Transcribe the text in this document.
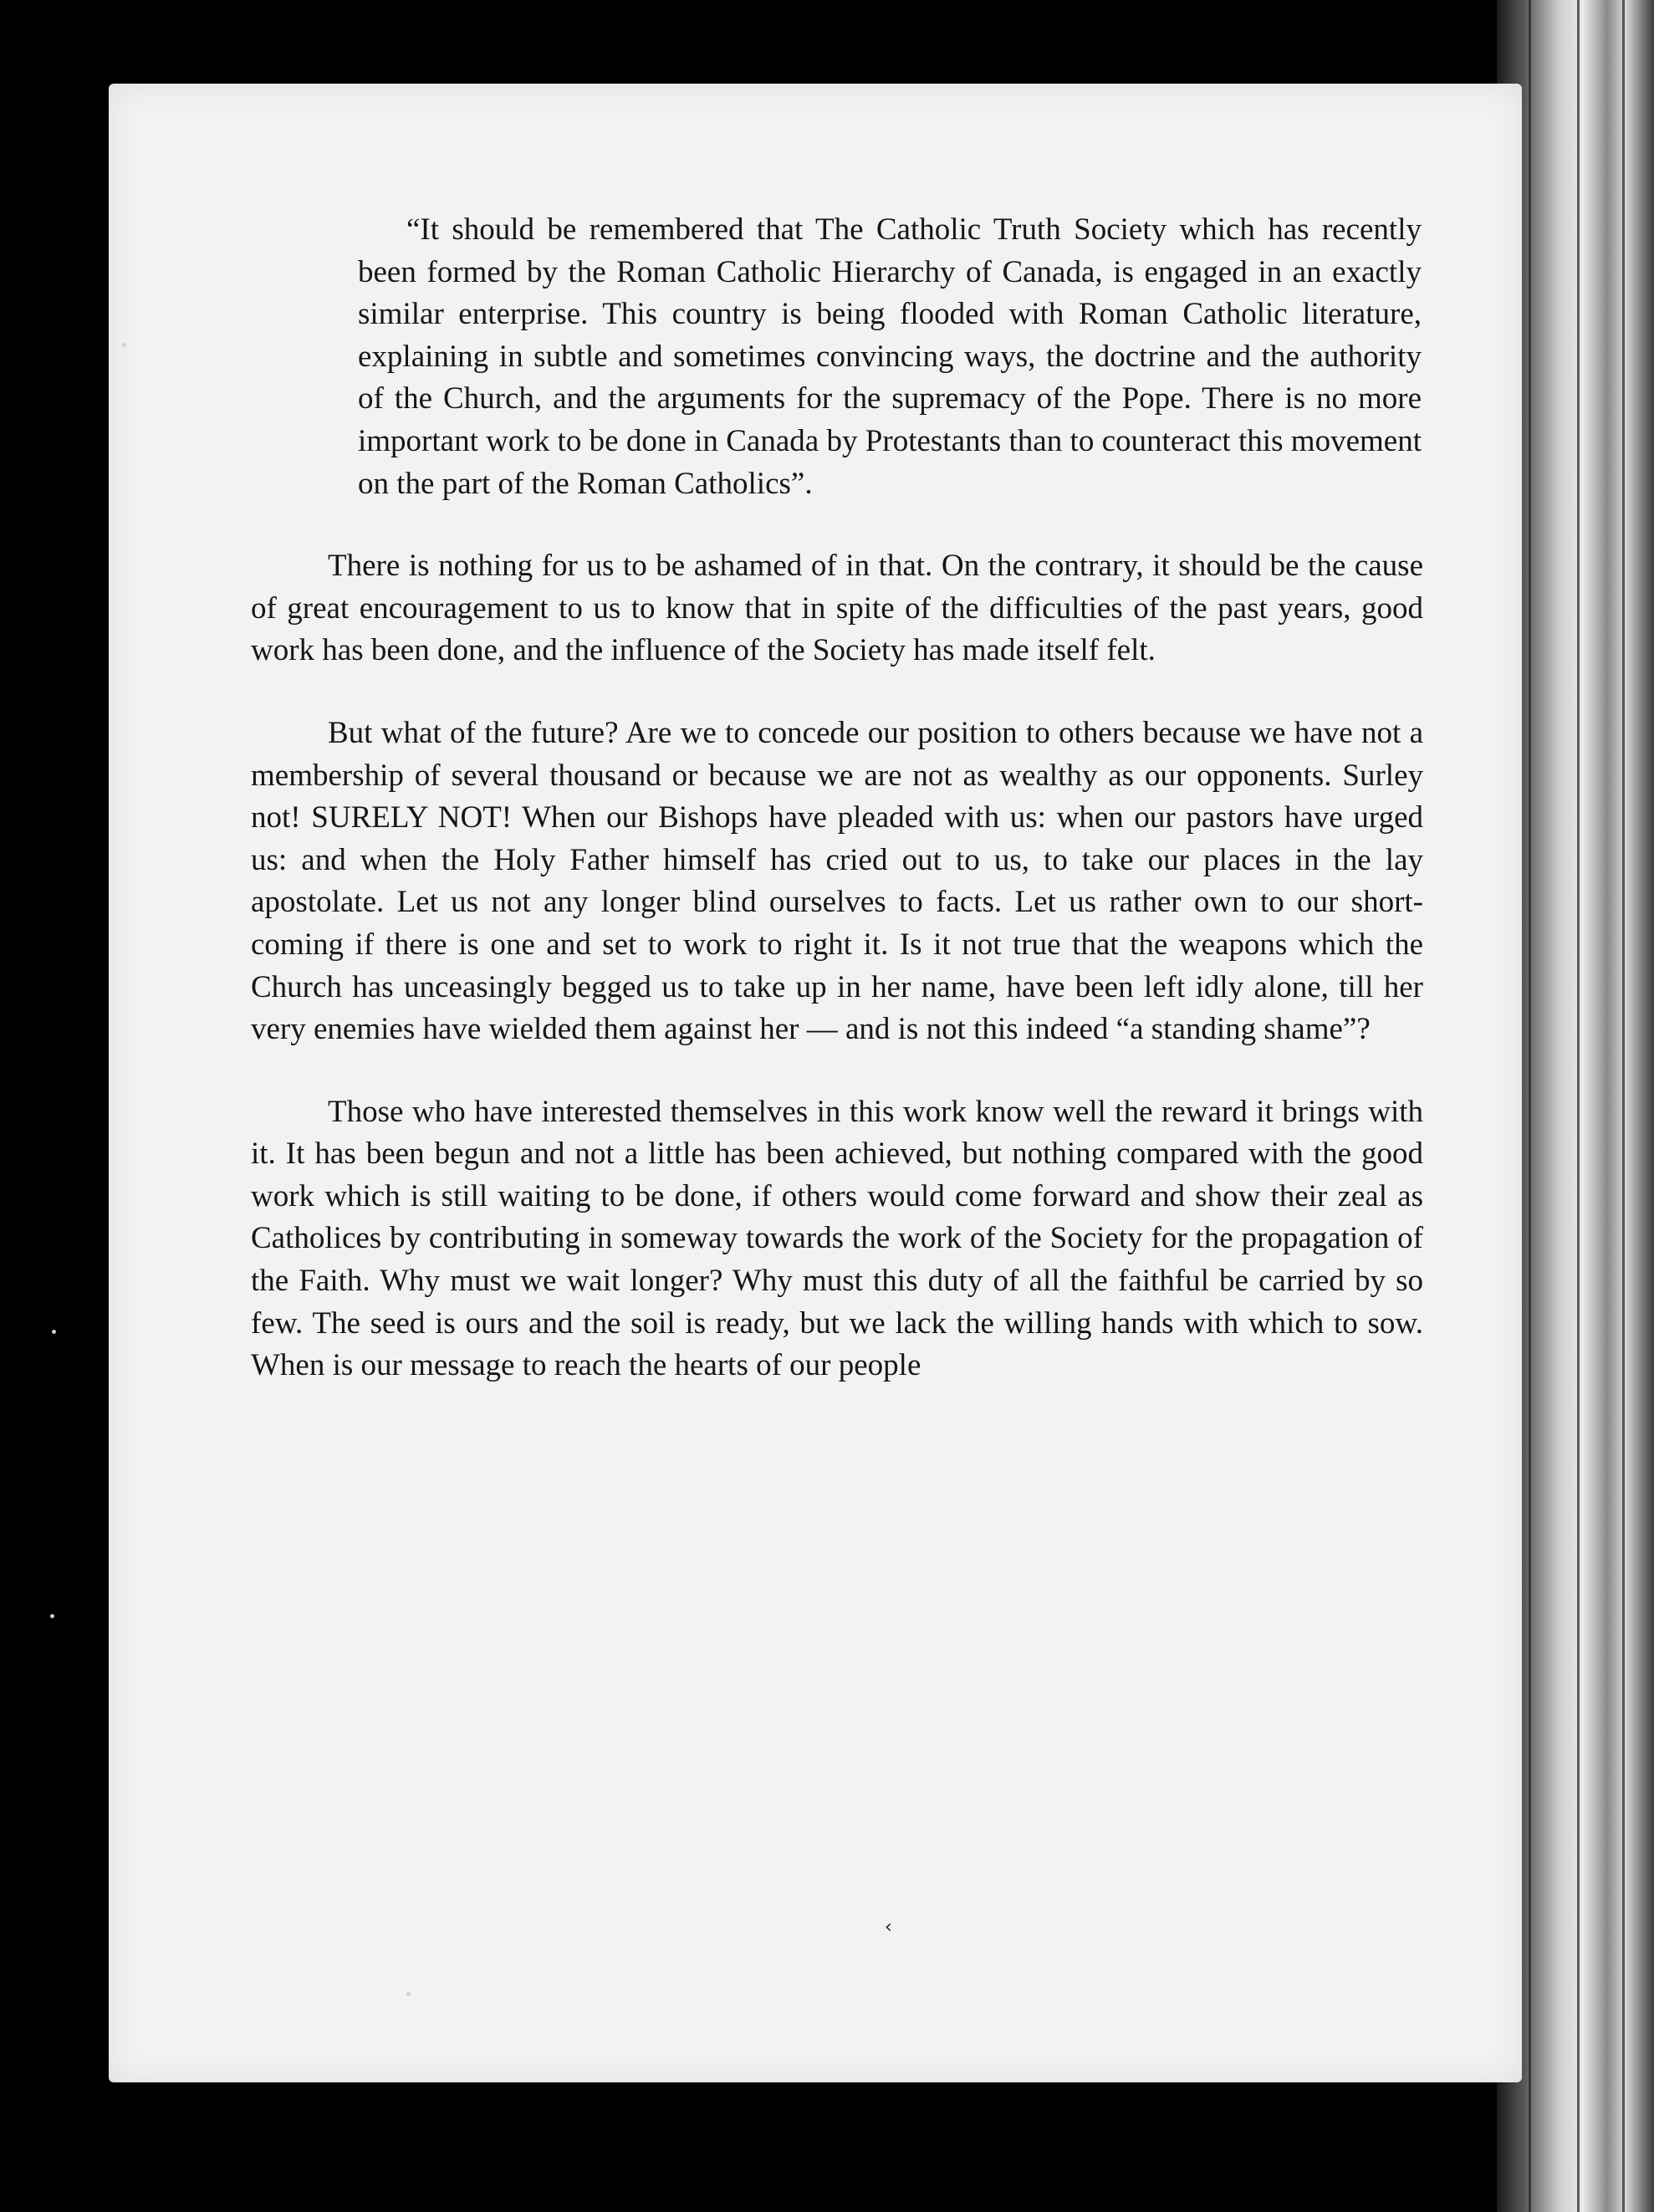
“It should be remembered that The Catholic Truth Society which has recently been formed by the Roman Catholic Hierarchy of Canada, is engaged in an exactly similar enterprise. This country is being flooded with Roman Catholic literature, explaining in subtle and sometimes convincing ways, the doctrine and the authority of the Church, and the arguments for the supremacy of the Pope. There is no more important work to be done in Canada by Protestants than to counteract this movement on the part of the Roman Catholics”.

There is nothing for us to be ashamed of in that. On the contrary, it should be the cause of great encouragement to us to know that in spite of the difficulties of the past years, good work has been done, and the influence of the Society has made itself felt.

But what of the future? Are we to concede our position to others because we have not a membership of several thousand or because we are not as wealthy as our opponents. Surley not! SURELY NOT! When our Bishops have pleaded with us: when our pastors have urged us: and when the Holy Father himself has cried out to us, to take our places in the lay apostolate. Let us not any longer blind ourselves to facts. Let us rather own to our short-coming if there is one and set to work to right it. Is it not true that the weapons which the Church has unceasingly begged us to take up in her name, have been left idly alone, till her very enemies have wielded them against her — and is not this indeed “a standing shame”?

Those who have interested themselves in this work know well the reward it brings with it. It has been begun and not a little has been achieved, but nothing compared with the good work which is still waiting to be done, if others would come forward and show their zeal as Catholices by contributing in someway towards the work of the Society for the propagation of the Faith. Why must we wait longer? Why must this duty of all the faithful be carried by so few. The seed is ours and the soil is ready, but we lack the willing hands with which to sow. When is our message to reach the hearts of our people

‹
